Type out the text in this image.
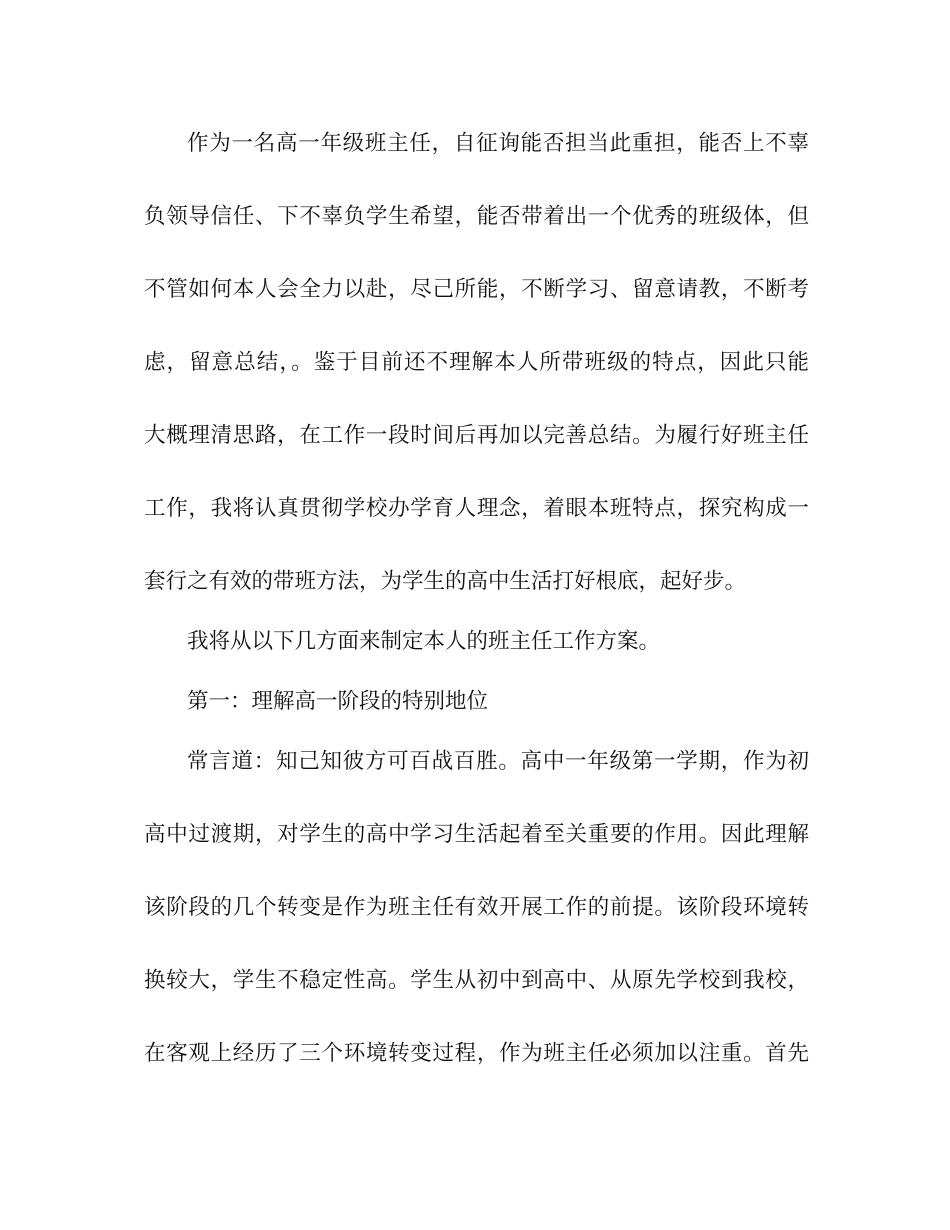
作为一名高一年级班主任，自征询能否担当此重担，能否上不辜
负领导信任、下不辜负学生希望，能否带着出一个优秀的班级体，但
不管如何本人会全力以赴，尽己所能，不断学习、留意请教，不断考
虑，留意总结，。鉴于目前还不理解本人所带班级的特点，因此只能
大概理清思路，在工作一段时间后再加以完善总结。为履行好班主任
工作，我将认真贯彻学校办学育人理念，着眼本班特点，探究构成一
套行之有效的带班方法，为学生的高中生活打好根底，起好步。
我将从以下几方面来制定本人的班主任工作方案。
第一：理解高一阶段的特别地位
常言道：知己知彼方可百战百胜。高中一年级第一学期，作为初
高中过渡期，对学生的高中学习生活起着至关重要的作用。因此理解
该阶段的几个转变是作为班主任有效开展工作的前提。该阶段环境转
换较大，学生不稳定性高。学生从初中到高中、从原先学校到我校，
在客观上经历了三个环境转变过程，作为班主任必须加以注重。首先
